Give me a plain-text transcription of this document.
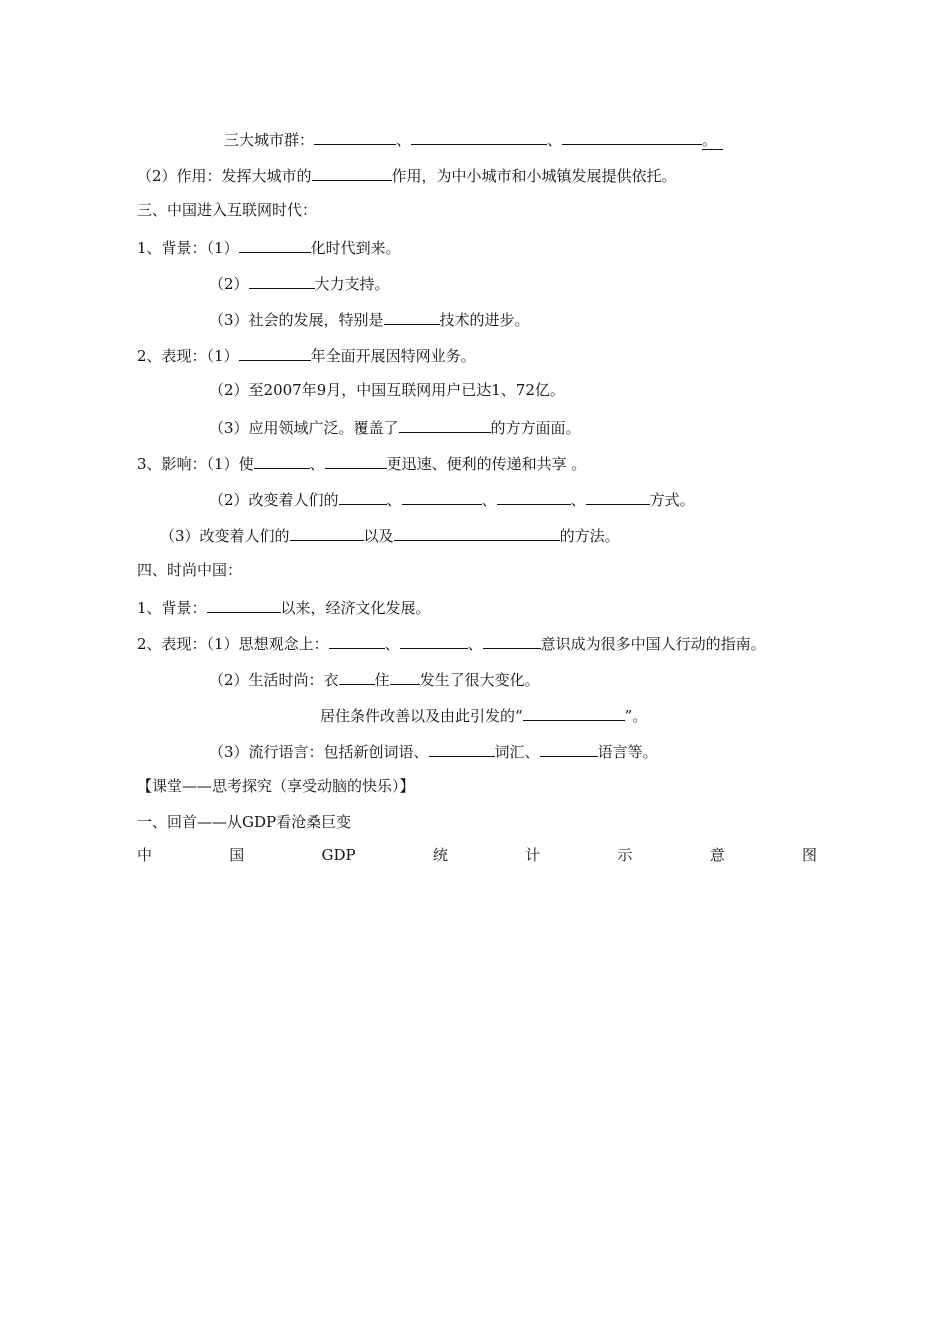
三大城市群：	、	、	。
（2）作用：发挥大城市的	作用，为中小城市和小城镇发展提供依托。
三、中国进入互联网时代：
1、背景：（1）	化时代到来。
（2）	大力支持。
（3）社会的发展，特别是	技术的进步。
2、表现：（1）	年全面开展因特网业务。
（2）至2007年9月，中国互联网用户已达1、72亿。
（3）应用领域广泛。覆盖了	的方方面面。
3、影响：（1）使	、	更迅速、便利的传递和共享 。
（2）改变着人们的	、	、	、	方式。
（3）改变着人们的	以及	的方法。
四、时尚中国：
1、背景：	以来，经济文化发展。
2、表现：（1）思想观念上：	、	、	意识成为很多中国人行动的指南。
（2）生活时尚：衣 住 发生了很大变化。
居住条件改善以及由此引发的“	”。
（3）流行语言：包括新创词语、	词汇、	语言等。
【课堂——思考探究（享受动脑的快乐）】
一、回首——从GDP看沧桑巨变
中	国	GDP	统	计	示	意	图
